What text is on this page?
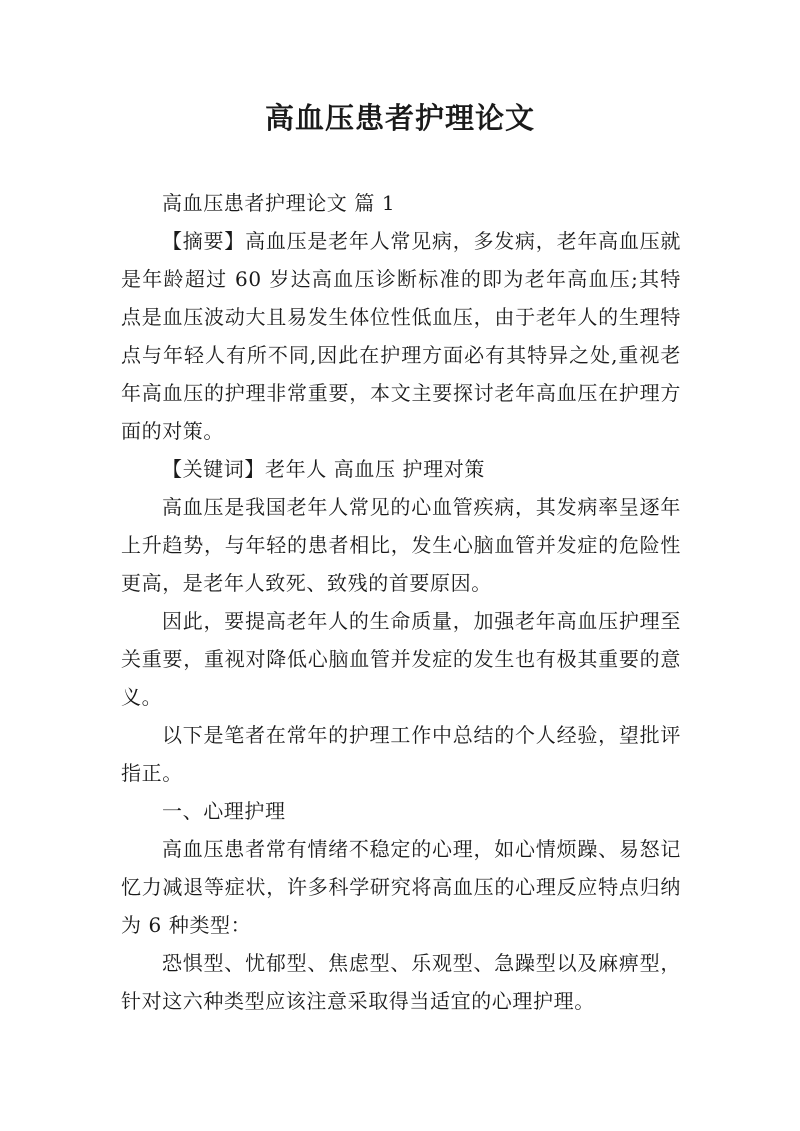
高血压患者护理论文

高血压患者护理论文 篇 1

【摘要】高血压是老年人常见病，多发病，老年高血压就是年龄超过 60 岁达高血压诊断标准的即为老年高血压;其特点是血压波动大且易发生体位性低血压，由于老年人的生理特点与年轻人有所不同,因此在护理方面必有其特异之处,重视老年高血压的护理非常重要，本文主要探讨老年高血压在护理方面的对策。

【关键词】老年人 高血压 护理对策

高血压是我国老年人常见的心血管疾病，其发病率呈逐年上升趋势，与年轻的患者相比，发生心脑血管并发症的危险性更高，是老年人致死、致残的首要原因。

因此，要提高老年人的生命质量，加强老年高血压护理至关重要，重视对降低心脑血管并发症的发生也有极其重要的意义。

以下是笔者在常年的护理工作中总结的个人经验，望批评指正。

一、心理护理

高血压患者常有情绪不稳定的心理，如心情烦躁、易怒记忆力减退等症状，许多科学研究将高血压的心理反应特点归纳为 6 种类型：

恐惧型、忧郁型、焦虑型、乐观型、急躁型以及麻痹型，针对这六种类型应该注意采取得当适宜的心理护理。
